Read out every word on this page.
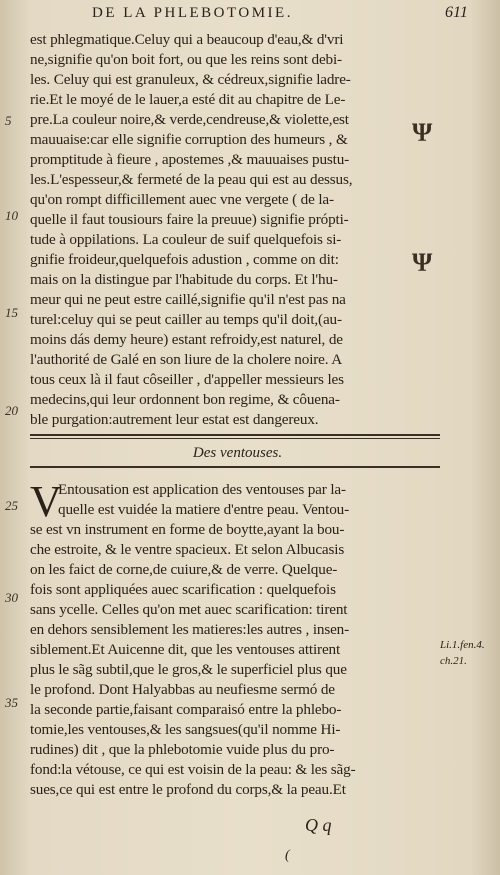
DE LA PHLEBOTOMIE.	611
est phlegmatique.Celuy qui a beaucoup d'eau,& d'vri
ne,signifie qu'on boit fort, ou que les reins sont debi-
les. Celuy qui est granuleux, & cédreux,signifie ladre-
rie.Et le moyé de le lauer,a esté dit au chapitre de Le-
pre.La couleur noire,& verde,cendreuse,& violette,est
mauuaise:car elle signifie corruption des humeurs , &
promptitude à fieure , apostemes ,& mauuaises pustu-
les.L'espesseur,& fermeté de la peau qui est au dessus,
qu'on rompt difficillement auec vne vergete ( de la-
quelle il faut tousiours faire la preuue) signifie própti-
tude à oppilations. La couleur de suif quelquefois si-
gnifie froideur,quelquefois adustion , comme on dit:
mais on la distingue par l'habitude du corps. Et l'hu-
meur qui ne peut estre caillé,signifie qu'il n'est pas na
turel:celuy qui se peut cailler au temps qu'il doit,(au-
moins dás demy heure) estant refroidy,est naturel, de
l'authorité de Galé en son liure de la cholere noire. A
tous ceux là il faut côseiller , d'appeller messieurs les
medecins,qui leur ordonnent bon regime, & côuena-
ble purgation:autrement leur estat est dangereux.
5
10
15
20
25
30
35
Ψ
Ψ
Des ventouses.
V
Entousation est application des ventouses par la-
quelle est vuidée la matiere d'entre peau. Ventou-
se est vn instrument en forme de boytte,ayant la bou-
che estroite, & le ventre spacieux. Et selon Albucasis
on les faict de corne,de cuiure,& de verre. Quelque-
fois sont appliquées auec scarification : quelquefois
sans ycelle. Celles qu'on met auec scarification: tirent
en dehors sensiblement les matieres:les autres , insen-
siblement.Et Auicenne dit, que les ventouses attirent
plus le sãg subtil,que le gros,& le superficiel plus que
le profond. Dont Halyabbas au neufiesme sermó de
la seconde partie,faisant comparaisó entre la phlebo-
tomie,les ventouses,& les sangsues(qu'il nomme Hi-
rudines) dit , que la phlebotomie vuide plus du pro-
fond:la vétouse, ce qui est voisin de la peau: & les sãg-
sues,ce qui est entre le profond du corps,& la peau.Et
Li.1.fen.4.
ch.21.
Q q
(
